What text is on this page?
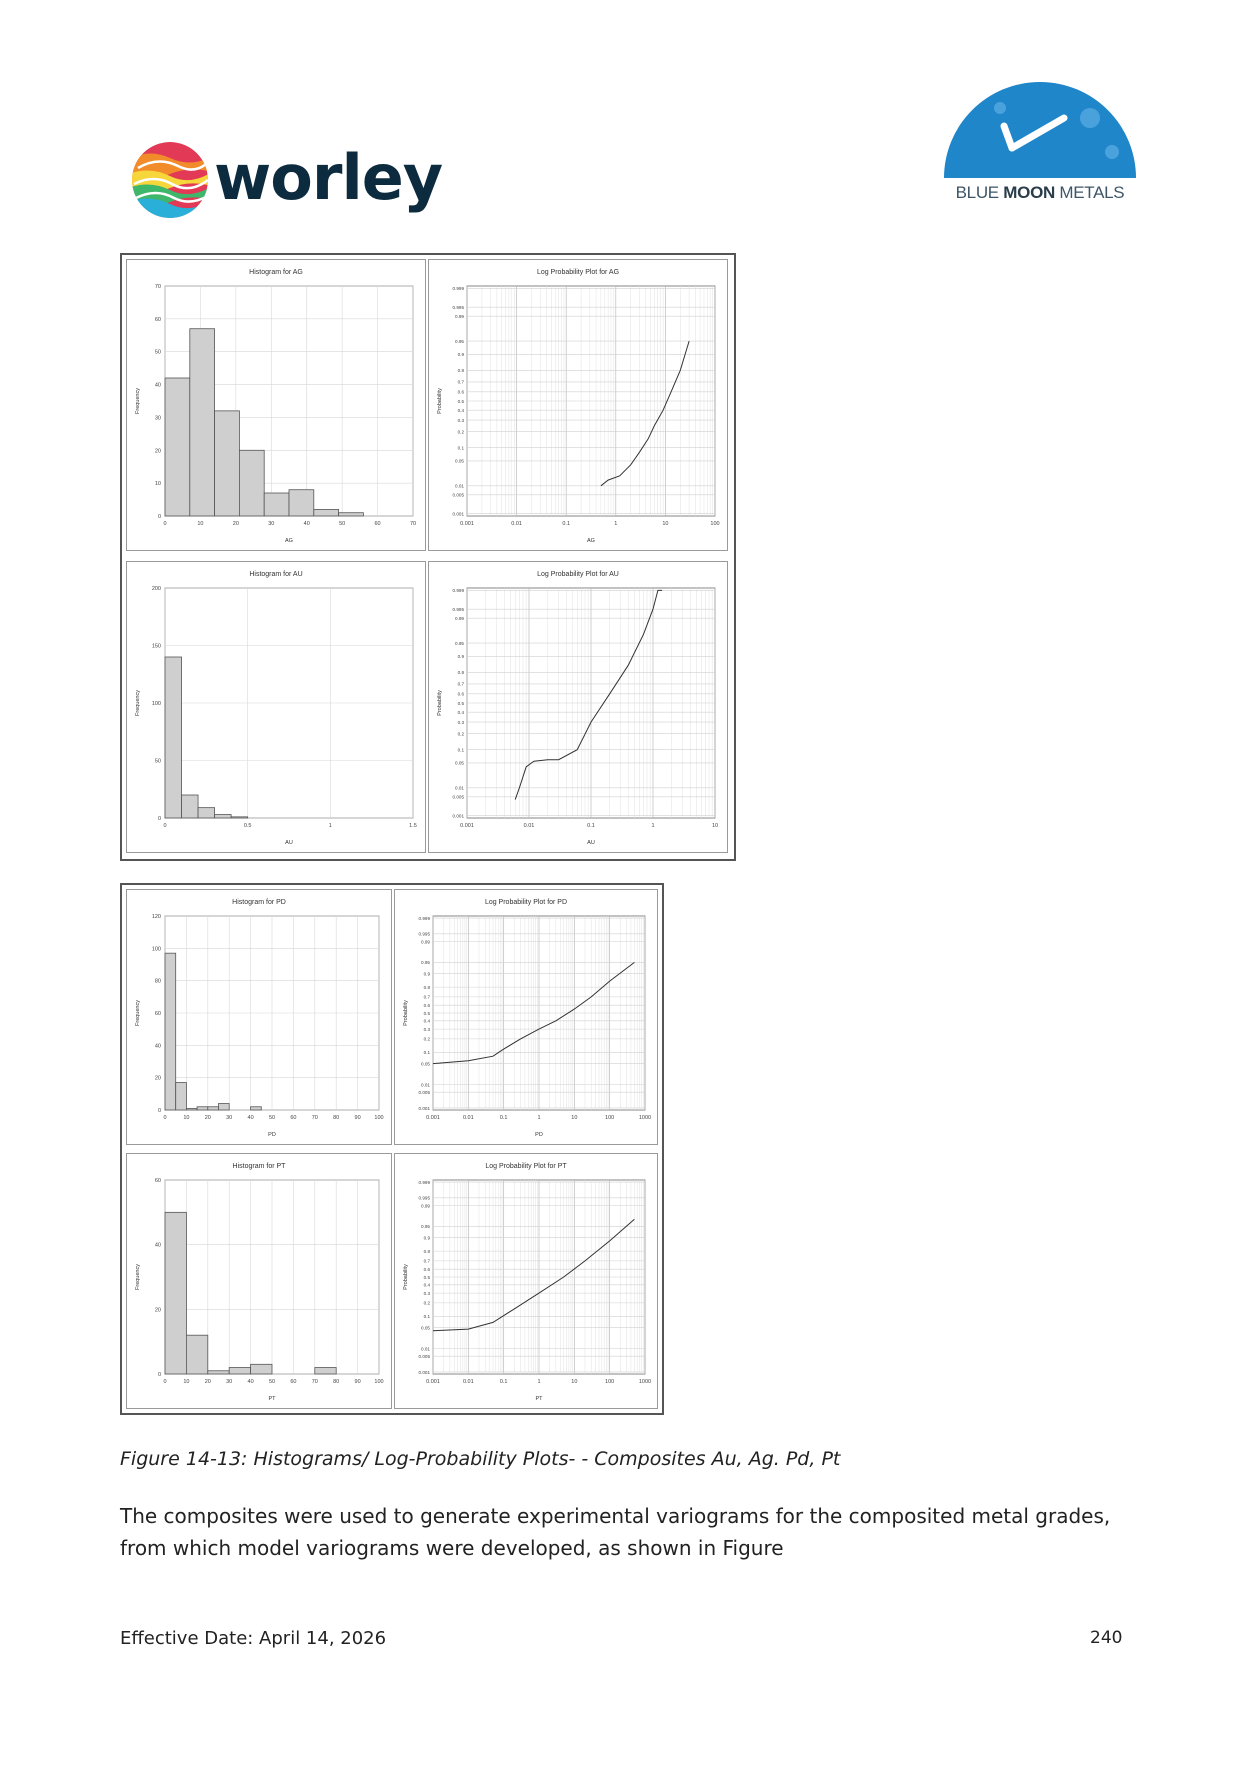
worley	BLUE MOON METALS
Histogram for AG
AG
Frequency
0	10	20	30	40	50	60	70
0
10
20
30
40
50
60
70
Log Probability Plot for AG
AG
Probability
0.001	0.01	0.1	1	10	100
0.999
0.995
0.99
0.95
0.9
0.8
0.7
0.6
0.5
0.4
0.3
0.2
0.1
0.05
0.01
0.005
0.001
Histogram for AU
AU
Frequency
0	0.5	1	1.5
0
50
100
150
200
Log Probability Plot for AU
AU
Probability
0.001	0.01	0.1	1	10
0.999
0.995
0.99
0.95
0.9
0.8
0.7
0.6
0.5
0.4
0.3
0.2
0.1
0.05
0.01
0.005
0.001
Histogram for PD
PD
Frequency
0	10	20	30	40	50	60	70	80	90 100
0
20
40
60
80
100
120
Log Probability Plot for PD
PD
Probability
0.001	0.01	0.1	1	10	100	1000
0.999
0.995
0.99
0.95
0.9
0.8
0.7
0.6
0.5
0.4
0.3
0.2
0.1
0.05
0.01
0.005
0.001
Histogram for PT
PT
Frequency
0	10	20	30	40	50	60	70	80	90 100
0
20
40
60
Log Probability Plot for PT
PT
Probability
0.001	0.01	0.1	1	10	100	1000
0.999
0.995
0.99
0.95
0.9
0.8
0.7
0.6
0.5
0.4
0.3
0.2
0.1
0.05
0.01
0.005
0.001
Figure 14-13: Histograms/ Log-Probability Plots- - Composites Au, Ag. Pd, Pt
The composites were used to generate experimental variograms for the composited metal grades, from which model variograms were developed, as shown in Figure
Effective Date: April 14, 2026	240
